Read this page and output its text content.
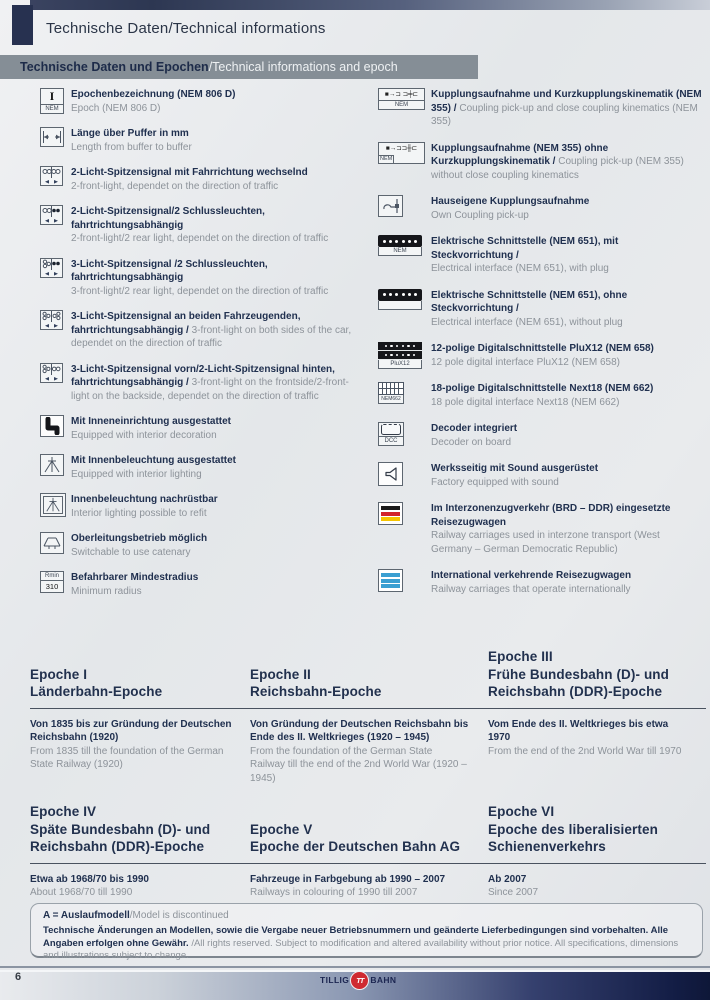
Technische Daten/Technical informations
Technische Daten und Epochen/Technical informations and epoch
I
NEM
Epochenbezeichnung (NEM 806 D)
Epoch (NEM 806 D)
Länge über Puffer in mm
Length from buffer to buffer
2-Licht-Spitzensignal mit Fahrrichtung wechselnd
2-front-light, dependet on the direction of traffic
2-Licht-Spitzensignal/2 Schlussleuchten, fahrtrichtungsabhängig
2-front-light/2 rear light, dependet on the direction of traffic
3-Licht-Spitzensignal /2 Schlussleuchten, fahrtrichtungsabhängig
3-front-light/2 rear light, dependet on the direction of traffic
3-Licht-Spitzensignal an beiden Fahrzeugenden, fahrtrichtungsabhängig / 3-front-light on both sides of the car, dependet on the direction of traffic
3-Licht-Spitzensignal vorn/2-Licht-Spitzensignal hinten, fahrtrichtungsabhängig / 3-front-light on the frontside/2-front-light on the backside, dependet on the direction of traffic
Mit Inneneinrichtung ausgestattet
Equipped with interior decoration
Mit Innenbeleuchtung ausgestattet
Equipped with interior lighting
Innenbeleuchtung nachrüstbar
Interior lighting possible to refit
Oberleitungsbetrieb möglich
Switchable to use catenary
Rmin
310
Befahrbarer Mindestradius
Minimum radius
■→⊐ ⊐╪⊏
NEM
Kupplungsaufnahme und Kurzkupplungskinematik (NEM 355) / Coupling pick-up and close coupling kinematics (NEM 355)
■→⊐⊐╫⊏
NEM
Kupplungsaufnahme (NEM 355) ohne Kurzkupplungskinematik / Coupling pick-up (NEM 355) without close coupling kinematics
Hauseigene Kupplungsaufnahme
Own Coupling pick-up
NEM
Elektrische Schnittstelle (NEM 651), mit Steckvorrichtung /
Electrical interface (NEM 651), with plug
Elektrische Schnittstelle (NEM 651), ohne Steckvorrichtung /
Electrical interface (NEM 651), without plug
PluX12
12-polige Digitalschnittstelle PluX12 (NEM 658)
12 pole digital interface PluX12 (NEM 658)
NEM662
18-polige Digitalschnittstelle Next18 (NEM 662)
18 pole digital interface Next18 (NEM 662)
DCC
Decoder integriert
Decoder on board
Werksseitig mit Sound ausgerüstet
Factory equipped with sound
Im Interzonenzugverkehr (BRD – DDR) eingesetzte Reisezugwagen
Railway carriages used in interzone transport (West Germany – German Democratic Republic)
International verkehrende Reisezugwagen
Railway carriages that operate internationally
Epoche I
Länderbahn-Epoche
Epoche II
Reichsbahn-Epoche
Epoche III
Frühe Bundesbahn (D)- und Reichsbahn (DDR)-Epoche
Von 1835 bis zur Gründung der Deutschen Reichsbahn (1920)
From 1835 till the foundation of the German State Railway (1920)
Von Gründung der Deutschen Reichsbahn bis Ende des II. Weltkrieges (1920 – 1945)
From the foundation of the German State Railway till the end of the 2nd World War (1920 – 1945)
Vom Ende des II. Weltkrieges bis etwa 1970
From the end of the 2nd World War till 1970
Epoche IV
Späte Bundesbahn (D)- und Reichsbahn (DDR)-Epoche
Epoche V
Epoche der Deutschen Bahn AG
Epoche VI
Epoche des liberalisierten Schienenverkehrs
Etwa ab 1968/70 bis 1990
About 1968/70 till 1990
Fahrzeuge in Farbgebung ab 1990 – 2007
Railways in colouring of 1990 till 2007
Ab 2007
Since 2007
A = Auslaufmodell/Model is discontinued
Technische Änderungen an Modellen, sowie die Vergabe neuer Betriebsnummern und geänderte Lieferbedingungen sind vorbehalten. Alle Angaben erfolgen ohne Gewähr. /All rights reserved. Subject to modification and altered availability without prior notice. All specifications, dimensions and illustrations subject to change.
6	TILLIG TT BAHN
